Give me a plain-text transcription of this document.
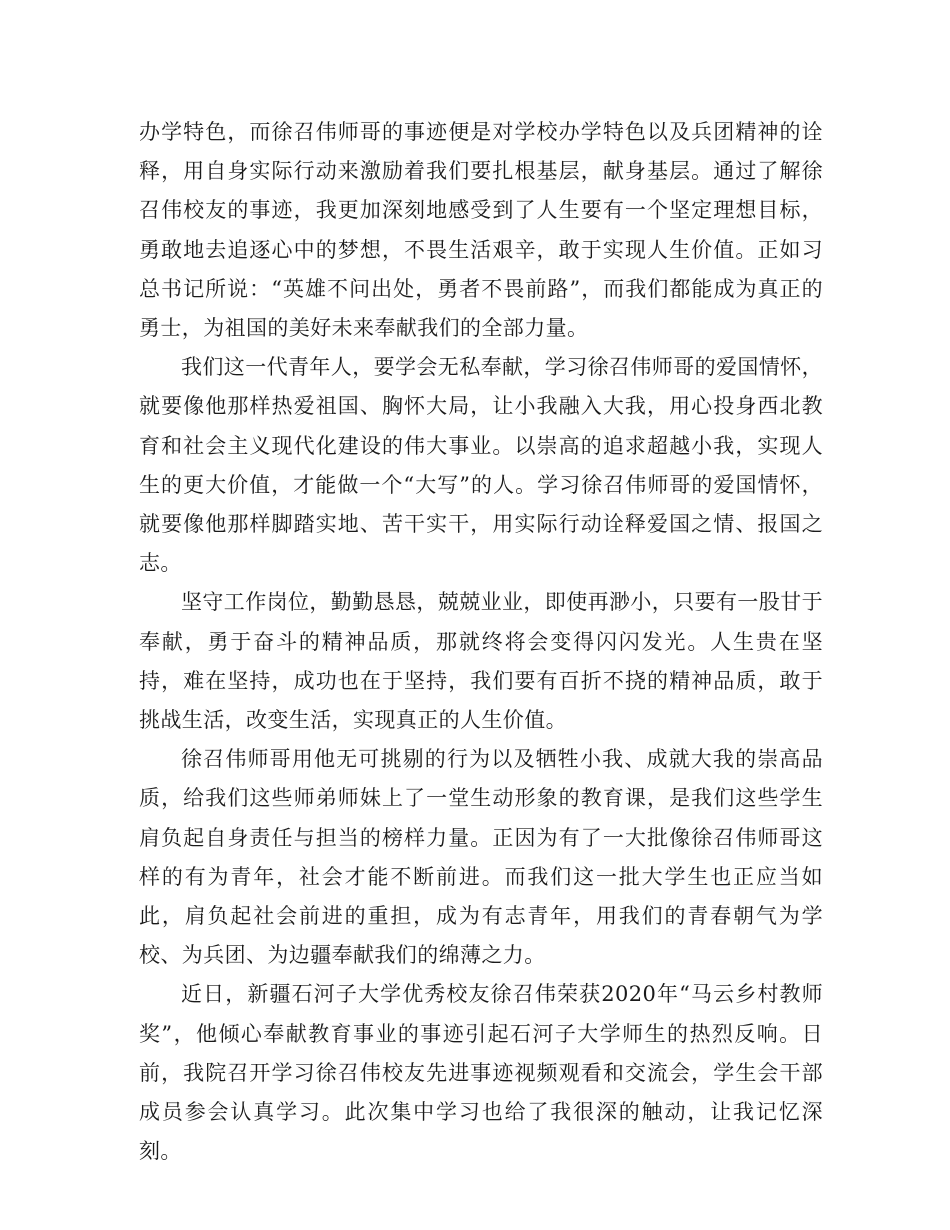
办学特色，而徐召伟师哥的事迹便是对学校办学特色以及兵团精神的诠释，用自身实际行动来激励着我们要扎根基层，献身基层。通过了解徐召伟校友的事迹，我更加深刻地感受到了人生要有一个坚定理想目标，勇敢地去追逐心中的梦想，不畏生活艰辛，敢于实现人生价值。正如习总书记所说：“英雄不问出处，勇者不畏前路”，而我们都能成为真正的勇士，为祖国的美好未来奉献我们的全部力量。

我们这一代青年人，要学会无私奉献，学习徐召伟师哥的爱国情怀，就要像他那样热爱祖国、胸怀大局，让小我融入大我，用心投身西北教育和社会主义现代化建设的伟大事业。以崇高的追求超越小我，实现人生的更大价值，才能做一个“大写”的人。学习徐召伟师哥的爱国情怀，就要像他那样脚踏实地、苦干实干，用实际行动诠释爱国之情、报国之志。

坚守工作岗位，勤勤恳恳，兢兢业业，即使再渺小，只要有一股甘于奉献，勇于奋斗的精神品质，那就终将会变得闪闪发光。人生贵在坚持，难在坚持，成功也在于坚持，我们要有百折不挠的精神品质，敢于挑战生活，改变生活，实现真正的人生价值。

徐召伟师哥用他无可挑剔的行为以及牺牲小我、成就大我的崇高品质，给我们这些师弟师妹上了一堂生动形象的教育课，是我们这些学生肩负起自身责任与担当的榜样力量。正因为有了一大批像徐召伟师哥这样的有为青年，社会才能不断前进。而我们这一批大学生也正应当如此，肩负起社会前进的重担，成为有志青年，用我们的青春朝气为学校、为兵团、为边疆奉献我们的绵薄之力。

近日，新疆石河子大学优秀校友徐召伟荣获2020年“马云乡村教师奖”，他倾心奉献教育事业的事迹引起石河子大学师生的热烈反响。日前，我院召开学习徐召伟校友先进事迹视频观看和交流会，学生会干部成员参会认真学习。此次集中学习也给了我很深的触动，让我记忆深刻。
